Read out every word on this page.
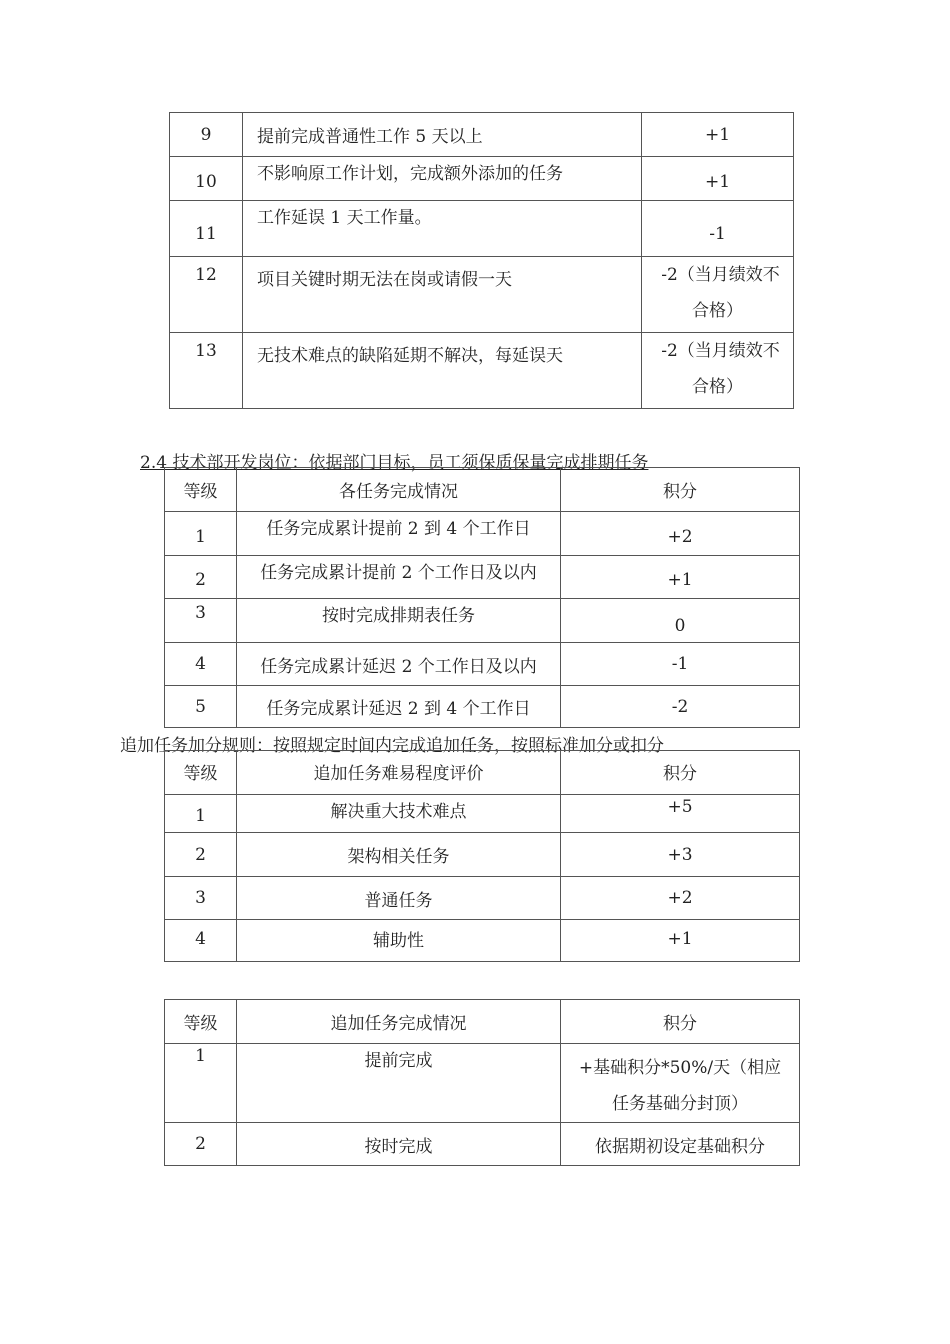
9	提前完成普通性工作 5 天以上	+1
10	不影响原工作计划，完成额外添加的任务	+1
11	工作延误 1 天工作量。	-1
12	项目关键时期无法在岗或请假一天	-2（当月绩效不
合格）

13	无技术难点的缺陷延期不解决，每延误天	-2（当月绩效不
合格）
2.4 技术部开发岗位：依据部门目标，员工须保质保量完成排期任务
等级	各任务完成情况	积分
1	任务完成累计提前 2 到 4 个工作日	+2
2	任务完成累计提前 2 个工作日及以内	+1
3	按时完成排期表任务	0
4	任务完成累计延迟 2 个工作日及以内	-1
5	任务完成累计延迟 2 到 4 个工作日	-2
追加任务加分规则：按照规定时间内完成追加任务，按照标准加分或扣分
等级	追加任务难易程度评价	积分
1	解决重大技术难点	+5
2	架构相关任务	+3
3	普通任务	+2
4	辅助性	+1
等级	追加任务完成情况	积分
1	提前完成	+基础积分*50%/天（相应
任务基础分封顶）

2	按时完成	依据期初设定基础积分
